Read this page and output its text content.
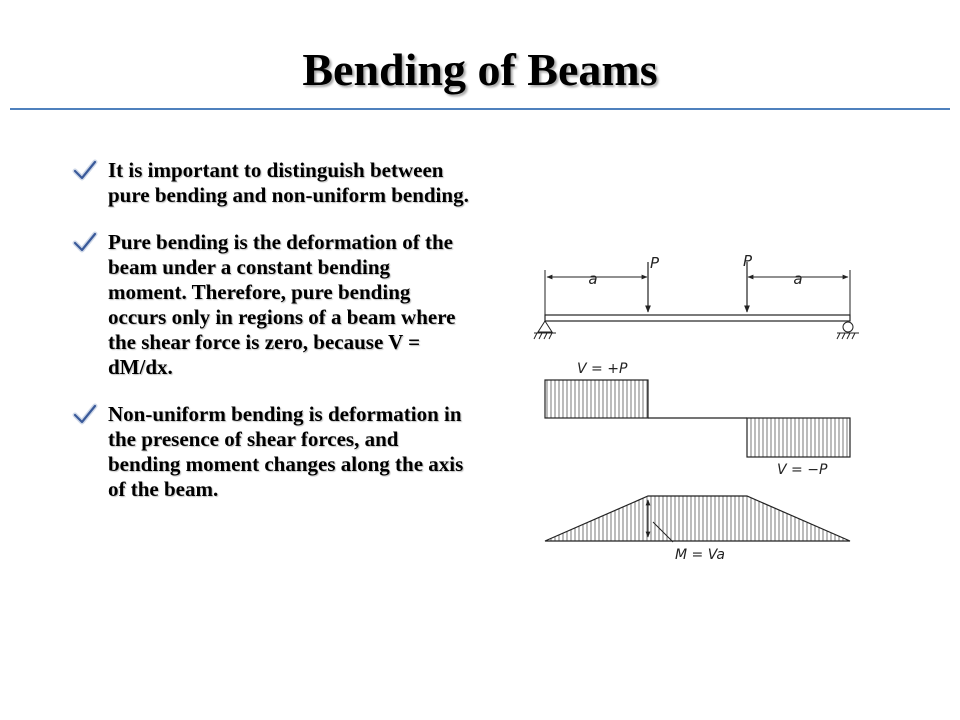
Bending of Beams
It is important to distinguish between pure bending and non-uniform bending.
Pure bending is the deformation of the beam under a constant bending moment. Therefore, pure bending occurs only in regions of a beam where the shear force is zero, because V = dM/dx.
Non-uniform bending is deformation in the presence of shear forces, and bending moment changes along the axis of the beam.
a	a
P	P
V = +P
V = −P
M = Va
